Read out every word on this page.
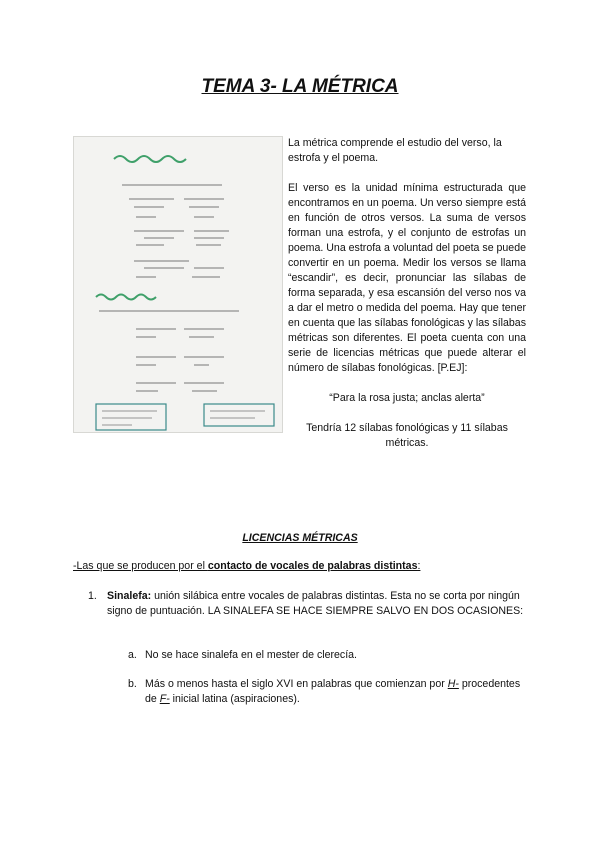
TEMA 3- LA MÉTRICA

La métrica comprende el estudio del verso, la estrofa y el poema.

El verso es la unidad mínima estructurada que encontramos en un poema. Un verso siempre está en función de otros versos. La suma de versos forman una estrofa, y el conjunto de estrofas un poema. Una estrofa a voluntad del poeta se puede convertir en un poema. Medir los versos se llama “escandir”, es decir, pronunciar las sílabas de forma separada, y esa escansión del verso nos va a dar el metro o medida del poema. Hay que tener en cuenta que las sílabas fonológicas y las sílabas métricas son diferentes. El poeta cuenta con una serie de licencias métricas que puede alterar el número de sílabas fonológicas. [P.EJ]:

“Para la rosa justa; anclas alerta”

Tendría 12 sílabas fonológicas y 11 sílabas métricas.

LICENCIAS MÉTRICAS
-Las que se producen por el contacto de vocales de palabras distintas:
1. Sinalefa: unión silábica entre vocales de palabras distintas. Esta no se corta por ningún signo de puntuación. LA SINALEFA SE HACE SIEMPRE SALVO EN DOS OCASIONES:
a. No se hace sinalefa en el mester de clerecía.
b. Más o menos hasta el siglo XVI en palabras que comienzan por H- procedentes de F- inicial latina (aspiraciones).
